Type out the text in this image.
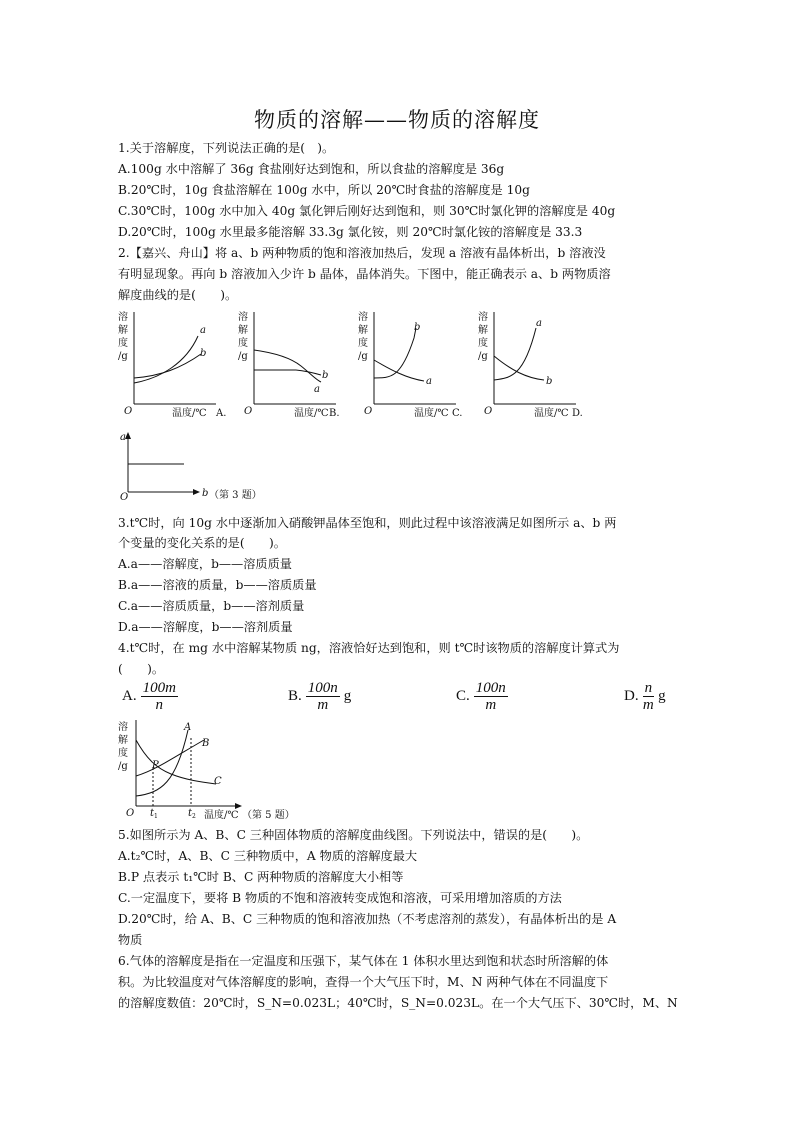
物质的溶解——物质的溶解度
1.关于溶解度，下列说法正确的是(　)。
A.100g 水中溶解了 36g 食盐刚好达到饱和，所以食盐的溶解度是 36g
B.20℃时，10g 食盐溶解在 100g 水中，所以 20℃时食盐的溶解度是 10g
C.30℃时，100g 水中加入 40g 氯化钾后刚好达到饱和，则 30℃时氯化钾的溶解度是 40g
D.20℃时，100g 水里最多能溶解 33.3g 氯化铵，则 20℃时氯化铵的溶解度是 33.3
2.【嘉兴、舟山】将 a、b 两种物质的饱和溶液加热后，发现 a 溶液有晶体析出，b 溶液没
有明显现象。再向 b 溶液加入少许 b 晶体，晶体消失。下图中，能正确表示 a、b 两物质溶
解度曲线的是(　　)。
溶
解
度
/g
a
b
O	温度/℃ A.
溶
解
度
/g
a
b
O	温度/℃ B.
溶
解
度
/g
b
a
O	温度/℃ C.
溶
解
度
/g
a
b
O	温度/℃ D.
a
O	b （第 3 题）
3.t℃时，向 10g 水中逐渐加入硝酸钾晶体至饱和，则此过程中该溶液满足如图所示 a、b 两
个变量的变化关系的是(　　)。
A.a——溶解度，b——溶质质量
B.a——溶液的质量，b——溶质质量
C.a——溶质质量，b——溶剂质量
D.a——溶解度，b——溶剂质量
4.t℃时，在 mg 水中溶解某物质 ng，溶液恰好达到饱和，则 t℃时该物质的溶解度计算式为
(　　)。
A. $\frac{100m}{n}$	B. $\frac{100n}{m}$ g	C. $\frac{100n}{m}$	D. $\frac{n}{m}$ g
溶
解
度
/g
A
B
C
P
O t 1	t 2 温度/℃ （第 5 题）
5.如图所示为 A、B、C 三种固体物质的溶解度曲线图。下列说法中，错误的是(　　)。
A.t₂℃时，A、B、C 三种物质中，A 物质的溶解度最大
B.P 点表示 t₁℃时 B、C 两种物质的溶解度大小相等
C.一定温度下，要将 B 物质的不饱和溶液转变成饱和溶液，可采用增加溶质的方法
D.20℃时，给 A、B、C 三种物质的饱和溶液加热（不考虑溶剂的蒸发），有晶体析出的是 A
物质
6.气体的溶解度是指在一定温度和压强下，某气体在 1 体积水里达到饱和状态时所溶解的体
积。为比较温度对气体溶解度的影响，查得一个大气压下时，M、N 两种气体在不同温度下
的溶解度数值：20℃时，S_N=0.023L；40℃时，S_N=0.023L。在一个大气压下、30℃时，M、N
